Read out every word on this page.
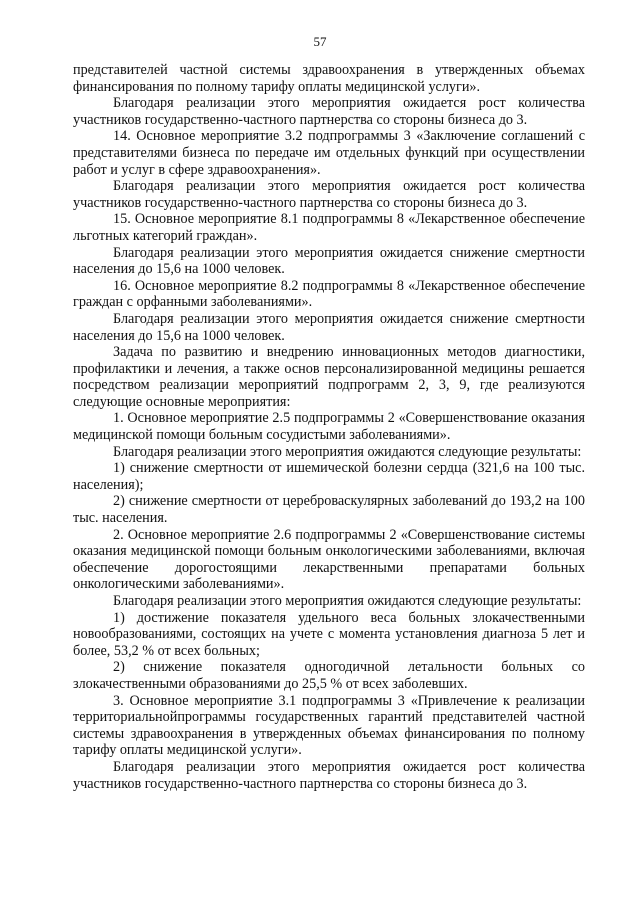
57

представителей частной системы здравоохранения в утвержденных объемах финансирования по полному тарифу оплаты медицинской услуги».

Благодаря реализации этого мероприятия ожидается рост количества участников государственно-частного партнерства со стороны бизнеса до 3.

14. Основное мероприятие 3.2 подпрограммы 3 «Заключение соглашений с представителями бизнеса по передаче им отдельных функций при осуществлении работ и услуг в сфере здравоохранения».

Благодаря реализации этого мероприятия ожидается рост количества участников государственно-частного партнерства со стороны бизнеса до 3.

15. Основное мероприятие 8.1 подпрограммы 8 «Лекарственное обеспечение льготных категорий граждан».

Благодаря реализации этого мероприятия ожидается снижение смертности населения до 15,6 на 1000 человек.

16. Основное мероприятие 8.2 подпрограммы 8 «Лекарственное обеспечение граждан с орфанными заболеваниями».

Благодаря реализации этого мероприятия ожидается снижение смертности населения до 15,6 на 1000 человек.

Задача по развитию и внедрению инновационных методов диагностики, профилактики и лечения, а также основ персонализированной медицины решается посредством реализации мероприятий подпрограмм 2, 3, 9, где реализуются следующие основные мероприятия:

1. Основное мероприятие 2.5 подпрограммы 2 «Совершенствование оказания медицинской помощи больным сосудистыми заболеваниями».

Благодаря реализации этого мероприятия ожидаются следующие результаты:

1) снижение смертности от ишемической болезни сердца (321,6 на 100 тыс. населения);

2) снижение смертности от цереброваскулярных заболеваний до 193,2 на 100 тыс. населения.

2. Основное мероприятие 2.6 подпрограммы 2 «Совершенствование системы оказания медицинской помощи больным онкологическими заболеваниями, включая обеспечение дорогостоящими лекарственными препаратами больных онкологическими заболеваниями».

Благодаря реализации этого мероприятия ожидаются следующие результаты:

1) достижение показателя удельного веса больных злокачественными новообразованиями, состоящих на учете с момента установления диагноза 5 лет и более, 53,2 % от всех больных;

2) снижение показателя одногодичной летальности больных со злокачественными образованиями до 25,5 % от всех заболевших.

3. Основное мероприятие 3.1 подпрограммы 3 «Привлечение к реализации территориальнойпрограммы государственных гарантий представителей частной системы здравоохранения в утвержденных объемах финансирования по полному тарифу оплаты медицинской услуги».

Благодаря реализации этого мероприятия ожидается рост количества участников государственно-частного партнерства со стороны бизнеса до 3.
